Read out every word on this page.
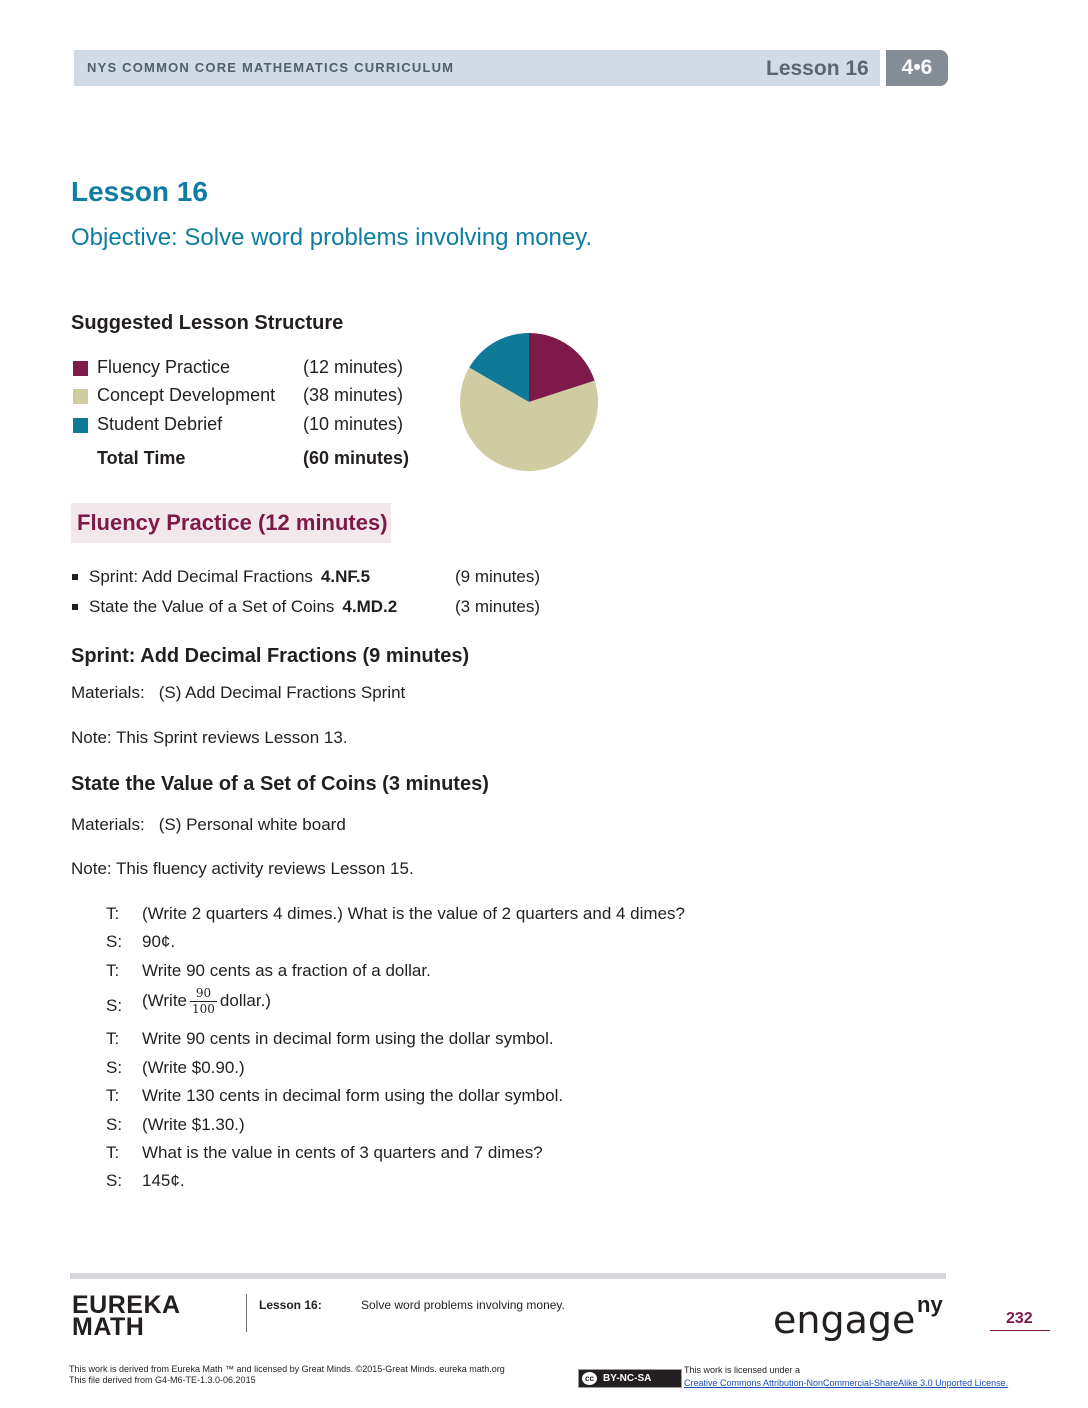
NYS COMMON CORE MATHEMATICS CURRICULUM	Lesson 16	4•6
Lesson 16
Objective: Solve word problems involving money.
Suggested Lesson Structure
Fluency Practice	(12 minutes)
Concept Development (38 minutes)
Student Debrief	(10 minutes)
Total Time	(60 minutes)
Fluency Practice (12 minutes)
Sprint: Add Decimal Fractions 4.NF.5	(9 minutes)
State the Value of a Set of Coins 4.MD.2	(3 minutes)
Sprint: Add Decimal Fractions (9 minutes)
Materials: (S) Add Decimal Fractions Sprint
Note: This Sprint reviews Lesson 13.
State the Value of a Set of Coins (3 minutes)
Materials: (S) Personal white board
Note: This fluency activity reviews Lesson 15.
T: (Write 2 quarters 4 dimes.) What is the value of 2 quarters and 4 dimes?
S: 90¢.
T: Write 90 cents as a fraction of a dollar.
S: (Write $\frac{90}{100}$ dollar.)
T: Write 90 cents in decimal form using the dollar symbol.
S: (Write $0.90.)
T: Write 130 cents in decimal form using the dollar symbol.
S: (Write $1.30.)
T: What is the value in cents of 3 quarters and 7 dimes?
S: 145¢.
EUREKA
MATH
Lesson 16:	Solve word problems involving money.	engage ny
232
This work is derived from Eureka Math ™ and licensed by Great Minds. ©2015-Great Minds. eureka math.org
This file derived from G4-M6-TE-1.3.0-06.2015	cc BY-NC-SA
This work is licensed under a
Creative Commons Attribution-NonCommercial-ShareAlike 3.0 Unported License.
